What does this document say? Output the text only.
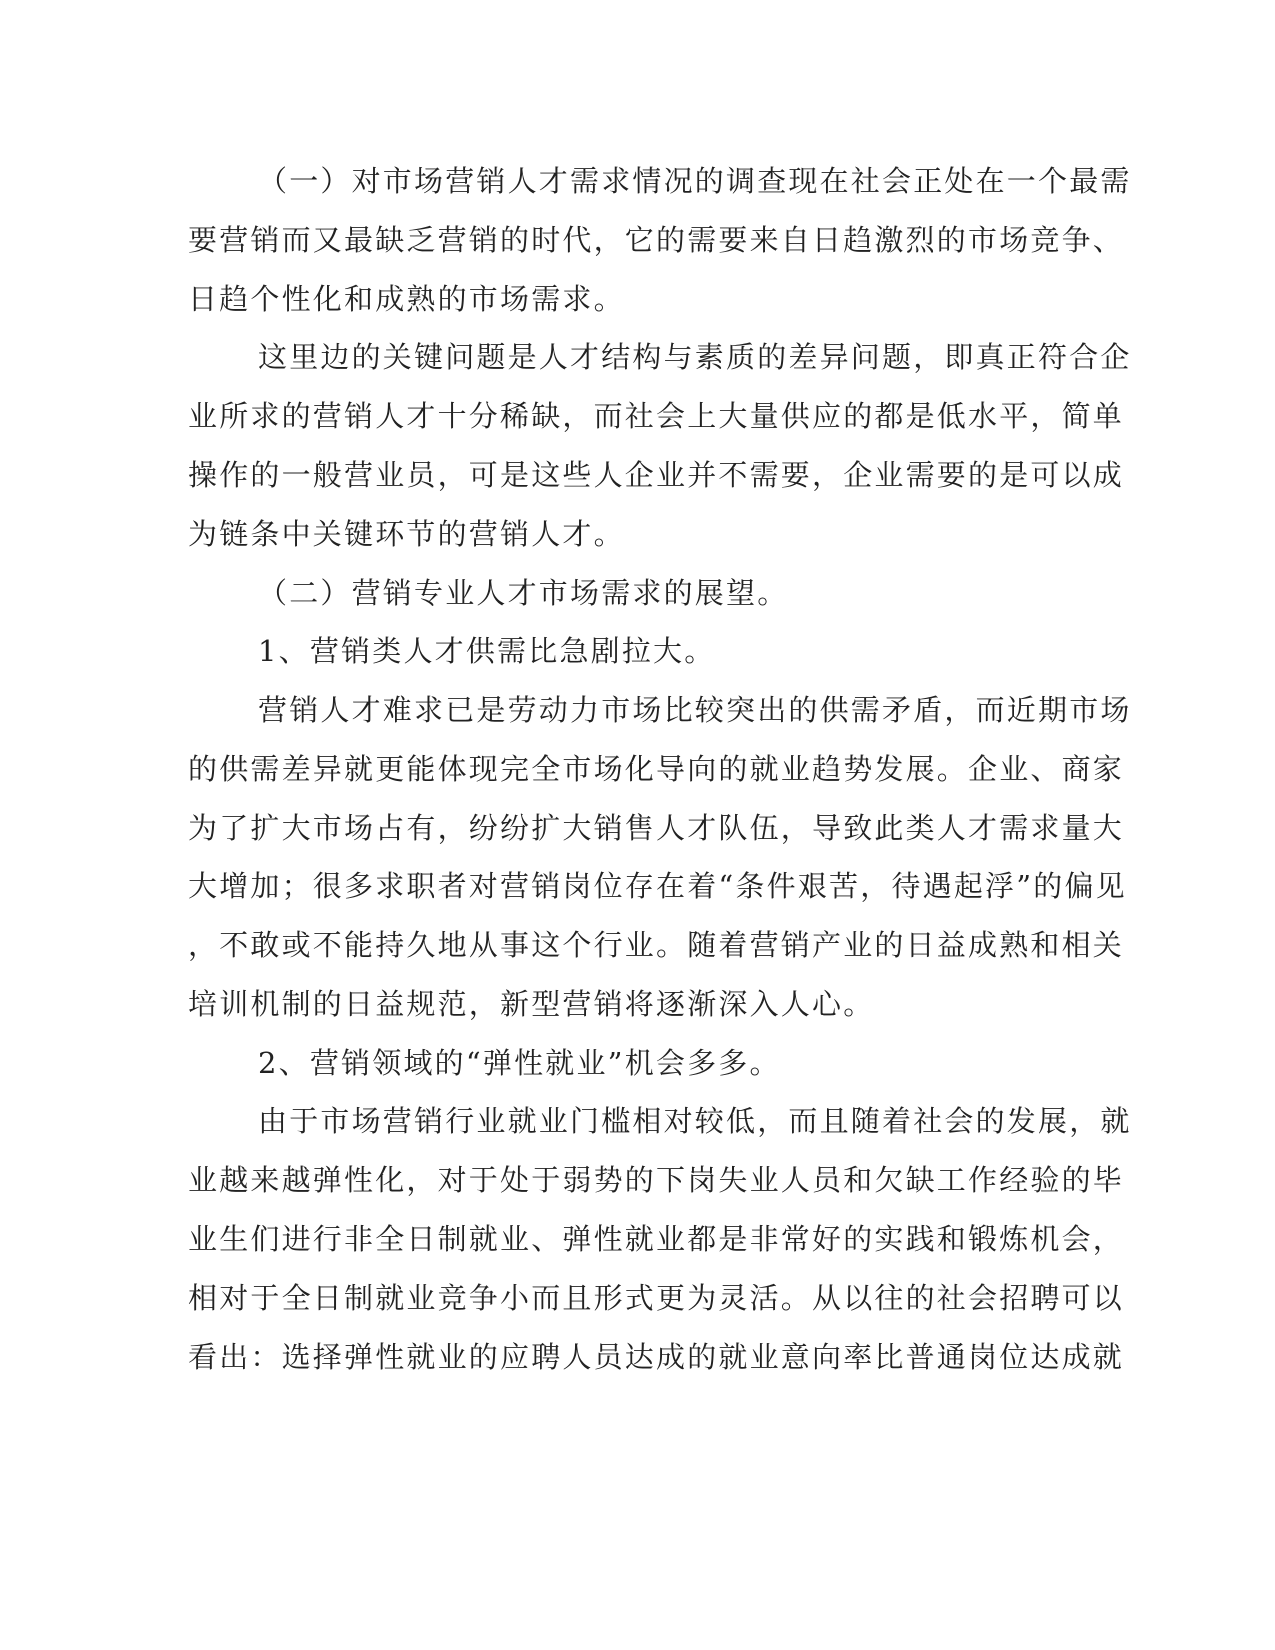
（一）对市场营销人才需求情况的调查现在社会正处在一个最需
要营销而又最缺乏营销的时代，它的需要来自日趋激烈的市场竞争、
日趋个性化和成熟的市场需求。
这里边的关键问题是人才结构与素质的差异问题，即真正符合企
业所求的营销人才十分稀缺，而社会上大量供应的都是低水平，简单
操作的一般营业员，可是这些人企业并不需要，企业需要的是可以成
为链条中关键环节的营销人才。
（二）营销专业人才市场需求的展望。
1、营销类人才供需比急剧拉大。
营销人才难求已是劳动力市场比较突出的供需矛盾，而近期市场
的供需差异就更能体现完全市场化导向的就业趋势发展。企业、商家
为了扩大市场占有，纷纷扩大销售人才队伍，导致此类人才需求量大
大增加；很多求职者对营销岗位存在着“条件艰苦，待遇起浮”的偏见
，不敢或不能持久地从事这个行业。随着营销产业的日益成熟和相关
培训机制的日益规范，新型营销将逐渐深入人心。
2、营销领域的“弹性就业”机会多多。
由于市场营销行业就业门槛相对较低，而且随着社会的发展，就
业越来越弹性化，对于处于弱势的下岗失业人员和欠缺工作经验的毕
业生们进行非全日制就业、弹性就业都是非常好的实践和锻炼机会，
相对于全日制就业竞争小而且形式更为灵活。从以往的社会招聘可以
看出：选择弹性就业的应聘人员达成的就业意向率比普通岗位达成就
